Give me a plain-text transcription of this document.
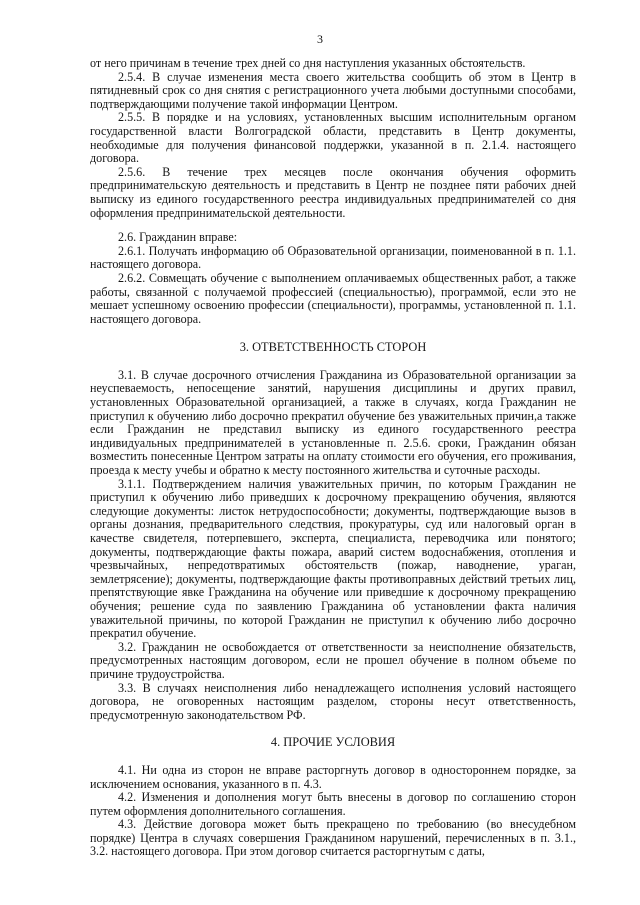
3

от него причинам в течение трех дней со дня наступления указанных обстоятельств.

2.5.4. В случае изменения места своего жительства сообщить об этом в Центр в пятидневный срок со дня снятия с регистрационного учета любыми доступными способами, подтверждающими получение такой информации Центром.

2.5.5. В порядке и на условиях, установленных высшим исполнительным органом государственной власти Волгоградской области, представить в Центр документы, необходимые для получения финансовой поддержки, указанной в п. 2.1.4. настоящего договора.

2.5.6. В течение трех месяцев после окончания обучения оформить предпринимательскую деятельность и представить в Центр не позднее пяти рабочих дней выписку из единого государственного реестра индивидуальных предпринимателей со дня оформления предпринимательской деятельности.

2.6. Гражданин вправе:

2.6.1. Получать информацию об Образовательной организации, поименованной в п. 1.1. настоящего договора.

2.6.2. Совмещать обучение с выполнением оплачиваемых общественных работ, а также работы, связанной с получаемой профессией (специальностью), программой, если это не мешает успешному освоению профессии (специальности), программы, установленной п. 1.1. настоящего договора.

3. ОТВЕТСТВЕННОСТЬ СТОРОН

3.1. В случае досрочного отчисления Гражданина из Образовательной организации за неуспеваемость, непосещение занятий, нарушения дисциплины и других правил, установленных Образовательной организацией, а также в случаях, когда Гражданин не приступил к обучению либо досрочно прекратил обучение без уважительных причин,а также если Гражданин не представил выписку из единого государственного реестра индивидуальных предпринимателей в установленные п. 2.5.6. сроки, Гражданин обязан возместить понесенные Центром затраты на оплату стоимости его обучения, его проживания, проезда к месту учебы и обратно к месту постоянного жительства и суточные расходы.

3.1.1. Подтверждением наличия уважительных причин, по которым Гражданин не приступил к обучению либо приведших к досрочному прекращению обучения, являются следующие документы: листок нетрудоспособности; документы, подтверждающие вызов в органы дознания, предварительного следствия, прокуратуры, суд или налоговый орган в качестве свидетеля, потерпевшего, эксперта, специалиста, переводчика или понятого; документы, подтверждающие факты пожара, аварий систем водоснабжения, отопления и чрезвычайных, непредотвратимых обстоятельств (пожар, наводнение, ураган, землетрясение); документы, подтверждающие факты противоправных действий третьих лиц, препятствующие явке Гражданина на обучение или приведшие к досрочному прекращению обучения; решение суда по заявлению Гражданина об установлении факта наличия уважительной причины, по которой Гражданин не приступил к обучению либо досрочно прекратил обучение.

3.2. Гражданин не освобождается от ответственности за неисполнение обязательств, предусмотренных настоящим договором, если не прошел обучение в полном объеме по причине трудоустройства.

3.3. В случаях неисполнения либо ненадлежащего исполнения условий настоящего договора, не оговоренных настоящим разделом, стороны несут ответственность, предусмотренную законодательством РФ.

4. ПРОЧИЕ УСЛОВИЯ

4.1. Ни одна из сторон не вправе расторгнуть договор в одностороннем порядке, за исключением основания, указанного в п. 4.3.

4.2. Изменения и дополнения могут быть внесены в договор по соглашению сторон путем оформления дополнительного соглашения.

4.3. Действие договора может быть прекращено по требованию (во внесудебном порядке) Центра в случаях совершения Гражданином нарушений, перечисленных в п. 3.1., 3.2. настоящего договора. При этом договор считается расторгнутым с даты,
